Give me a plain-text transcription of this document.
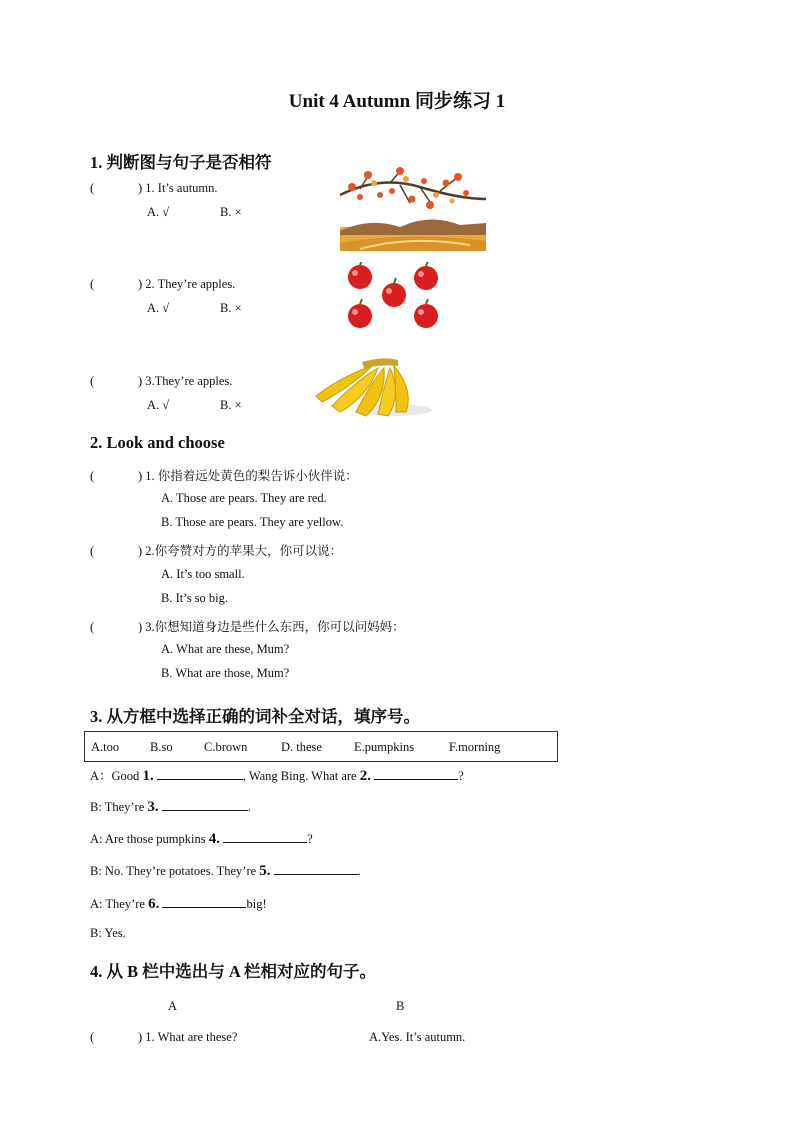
Unit 4 Autumn 同步练习 1
1. 判断图与句子是否相符
(	) 1. It’s autumn.
A. √	B. ×
(	) 2. They’re apples.
A. √	B. ×
(	) 3.They’re apples.
A. √	B. ×
2. Look and choose
(	) 1. 你指着远处黄色的梨告诉小伙伴说：
A. Those are pears. They are red.
B. Those are pears. They are yellow.
(	) 2.你夸赞对方的苹果大，你可以说：
A. It’s too small.
B. It’s so big.
(	) 3.你想知道身边是些什么东西，你可以问妈妈：
A. What are these, Mum?
B. What are those, Mum?
3. 从方框中选择正确的词补全对话，填序号。
A.too B.so	C.brown	D. these	E.pumpkins	F.morning
A：Good 1.	, Wang Bing. What are 2.	?
B: They’re 3.	.
A: Are those pumpkins 4.	?
B: No. They’re potatoes. They’re 5.	.
A: They’re 6.	big!
B: Yes.
4. 从 B 栏中选出与 A 栏相对应的句子。
A	B
(	) 1. What are these?	A.Yes. It’s autumn.
